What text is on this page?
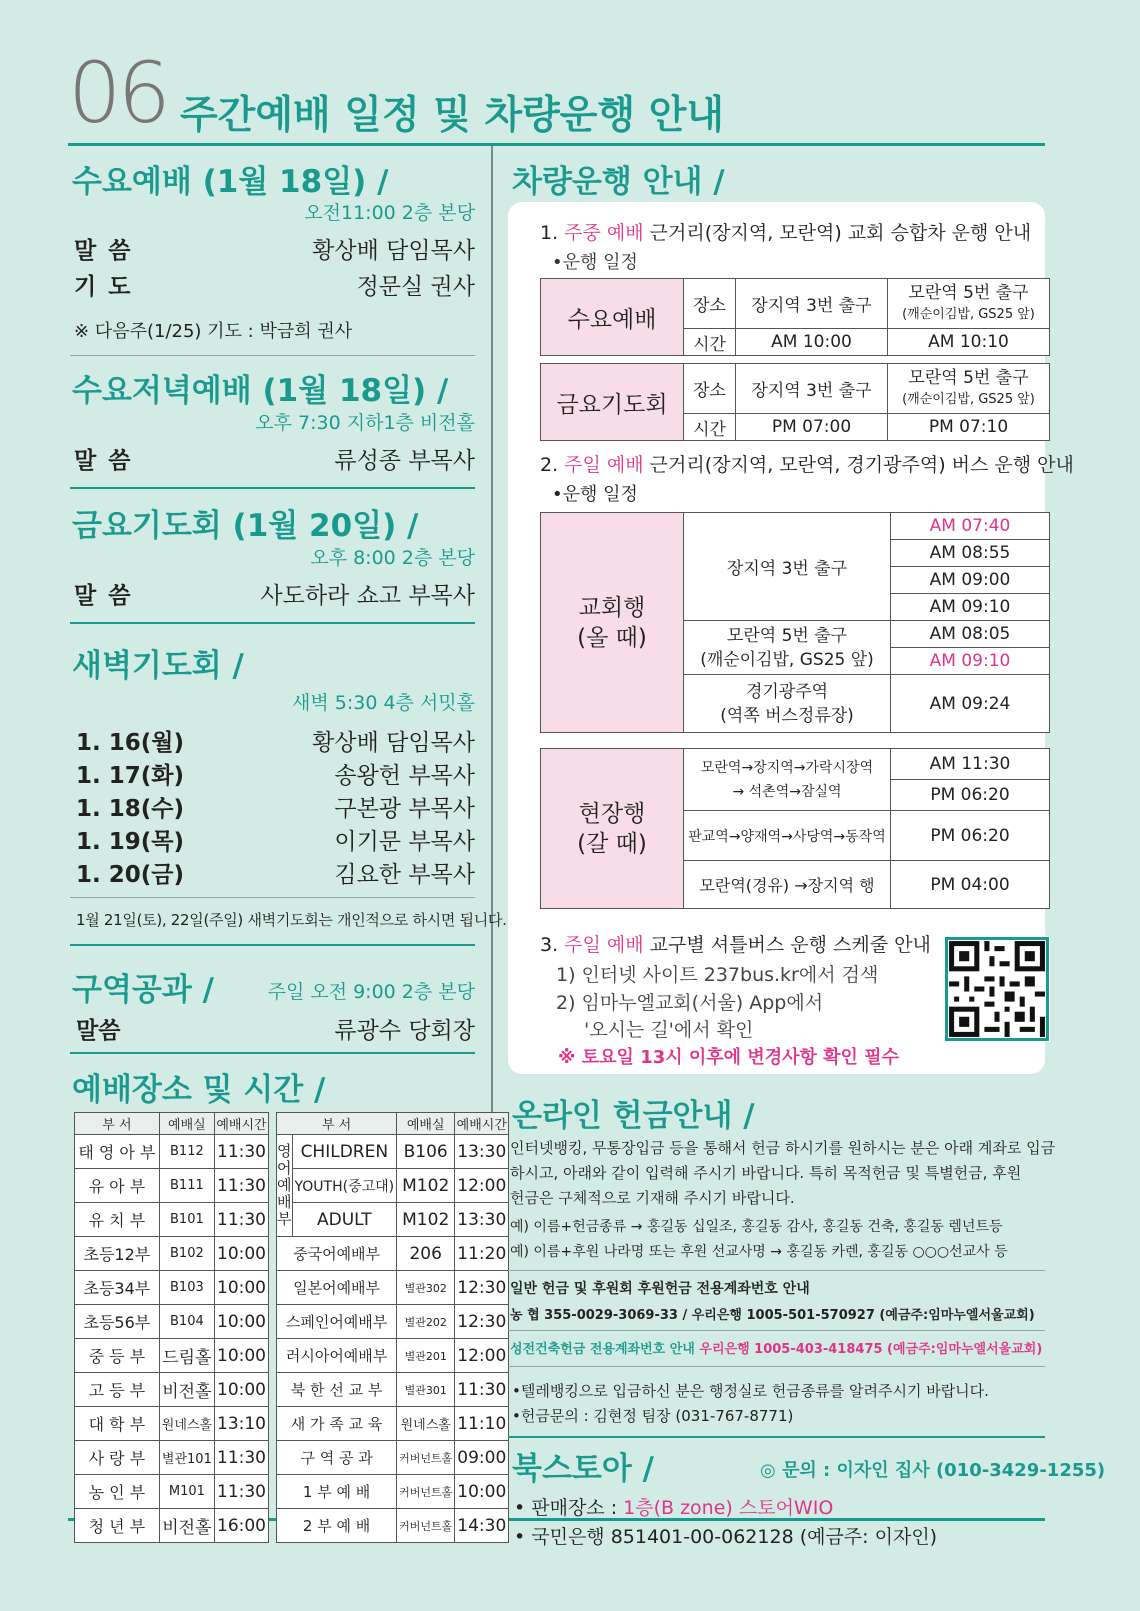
06 주간예배 일정 및 차량운행 안내
수요예배 (1월 18일) /
오전11:00 2층 본당
말 씀	황상배 담임목사
기 도	정문실 권사
※ 다음주(1/25) 기도 : 박금희 권사
수요저녁예배 (1월 18일) /
오후 7:30 지하1층 비전홀
말 씀	류성종 부목사
금요기도회 (1월 20일) /
오후 8:00 2층 본당
말 씀	사도하라 쇼고 부목사
새벽기도회 /
새벽 5:30 4층 서밋홀
1. 16(월)	황상배 담임목사
1. 17(화)	송왕헌 부목사
1. 18(수)	구본광 부목사
1. 19(목)	이기문 부목사
1. 20(금)	김요한 부목사
1월 21일(토), 22일(주일) 새벽기도회는 개인적으로 하시면 됩니다.
구역공과 /	주일 오전 9:00 2층 본당
말씀	류광수 당회장
예배장소 및 시간 /
부 서	예배실	예배시간
태 영 아 부	B112	11:30
유 아 부	B111	11:30
유 치 부	B101	11:30
초등12부	B102	10:00
초등34부	B103	10:00
초등56부	B104	10:00
중 등 부	드림홀	10:00
고 등 부	비전홀	10:00
대 학 부	원네스홀	13:10
사 랑 부	별관101	11:30
농 인 부	M101	11:30
청 년 부	비전홀	16:00
부 서		예배실	예배시간
영어예배부	CHILDREN	B106	13:30
	YOUTH(중고대)	M102	12:00
	ADULT	M102	13:30
중국어예배부		206	11:20
일본어예배부		별관302	12:30
스페인어예배부		별관202	12:30
러시아어예배부		별관201	12:00
북 한 선 교 부		별관301	11:30
새 가 족 교 육		원네스홀	11:10
구 역 공 과		커버넌트홀	09:00
1 부 예 배		커버넌트홀	10:00
2 부 예 배		커버넌트홀	14:30
차량운행 안내 /
1. 주중 예배 근거리(장지역, 모란역) 교회 승합차 운행 안내
•운행 일정
수요예배	장소	장지역 3번 출구	모란역 5번 출구
(깨순이김밥, GS25 앞)
	시간	AM 10:00	AM 10:10
금요기도회	장소	장지역 3번 출구	모란역 5번 출구
(깨순이김밥, GS25 앞)
	시간	PM 07:00	PM 07:10
2. 주일 예배 근거리(장지역, 모란역, 경기광주역) 버스 운행 안내
•운행 일정
교회행
(올 때)	장지역 3번 출구	AM 07:40
		AM 08:55
		AM 09:00
		AM 09:10
	모란역 5번 출구
(깨순이김밥, GS25 앞)	AM 08:05
		AM 09:10
	경기광주역
(역쪽 버스정류장)	AM 09:24
현장행
(갈 때)	모란역→장지역→가락시장역
→ 석촌역→잠실역	AM 11:30
		PM 06:20
	판교역→양재역→사당역→동작역	PM 06:20
	모란역(경유) →장지역 행	PM 04:00
3. 주일 예배 교구별 셔틀버스 운행 스케줄 안내
1) 인터넷 사이트 237bus.kr에서 검색
2) 임마누엘교회(서울) App에서
'오시는 길'에서 확인
※ 토요일 13시 이후에 변경사항 확인 필수
온라인 헌금안내 /
인터넷뱅킹, 무통장입금 등을 통해서 헌금 하시기를 원하시는 분은 아래 계좌로 입금
하시고, 아래와 같이 입력해 주시기 바랍니다. 특히 목적헌금 및 특별헌금, 후원
헌금은 구체적으로 기재해 주시기 바랍니다.
예) 이름+헌금종류 → 홍길동 십일조, 홍길동 감사, 홍길동 건축, 홍길동 렘넌트등
예) 이름+후원 나라명 또는 후원 선교사명 → 홍길동 카렌, 홍길동 ○○○선교사 등
일반 헌금 및 후원회 후원헌금 전용계좌번호 안내
농 협 355-0029-3069-33 / 우리은행 1005-501-570927 (예금주:임마누엘서울교회)
성전건축헌금 전용계좌번호 안내 우리은행 1005-403-418475 (예금주:임마누엘서울교회)
•텔레뱅킹으로 입금하신 분은 행정실로 헌금종류를 알려주시기 바랍니다.
•헌금문의 : 김현정 팀장 (031-767-8771)
북스토아 /	◎ 문의 : 이자인 집사 (010-3429-1255)
• 판매장소 : 1층(B zone) 스토어WIO
• 국민은행 851401-00-062128 (예금주: 이자인)
